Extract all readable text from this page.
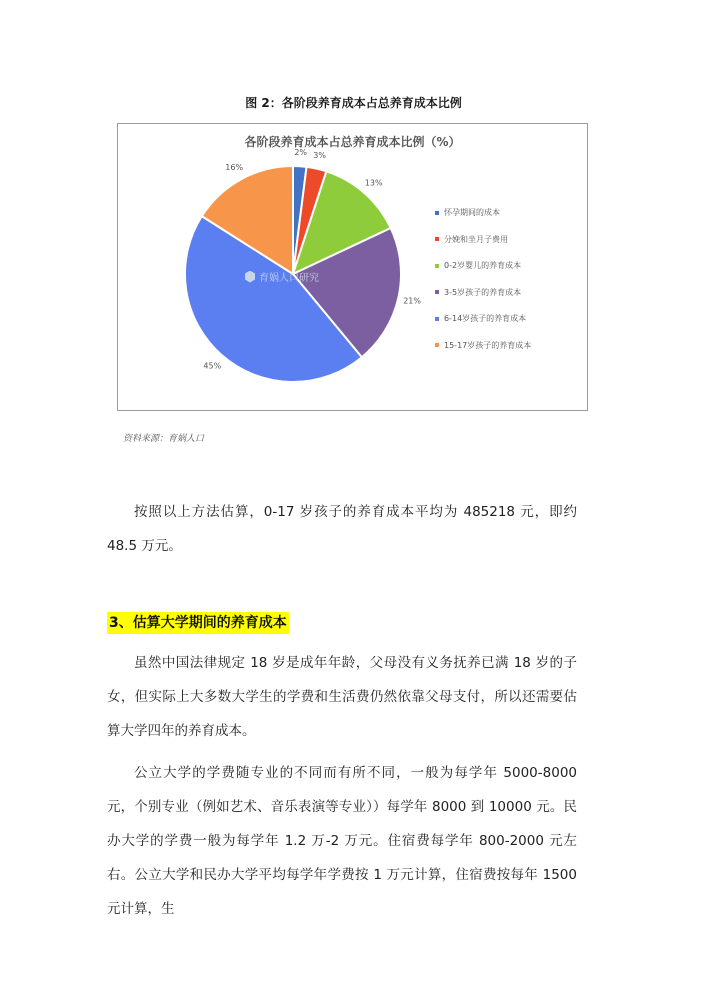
图 2：各阶段养育成本占总养育成本比例
各阶段养育成本占总养育成本比例（%）
2% 3%
13%
21%
45%
16%
育娲人口研究
怀孕期间的成本
分娩和坐月子费用
0-2岁婴儿的养育成本
3-5岁孩子的养育成本
6-14岁孩子的养育成本
15-17岁孩子的养育成本
资料来源：育娲人口
按照以上方法估算，0-17 岁孩子的养育成本平均为 485218 元，即约 48.5 万元。
3、估算大学期间的养育成本
虽然中国法律规定 18 岁是成年年龄，父母没有义务抚养已满 18 岁的子女，但实际上大多数大学生的学费和生活费仍然依靠父母支付，所以还需要估算大学四年的养育成本。
公立大学的学费随专业的不同而有所不同，一般为每学年 5000-8000 元，个别专业（例如艺术、音乐表演等专业））每学年 8000 到 10000 元。民办大学的学费一般为每学年 1.2 万-2 万元。住宿费每学年 800-2000 元左右。公立大学和民办大学平均每学年学费按 1 万元计算，住宿费按每年 1500 元计算，生
